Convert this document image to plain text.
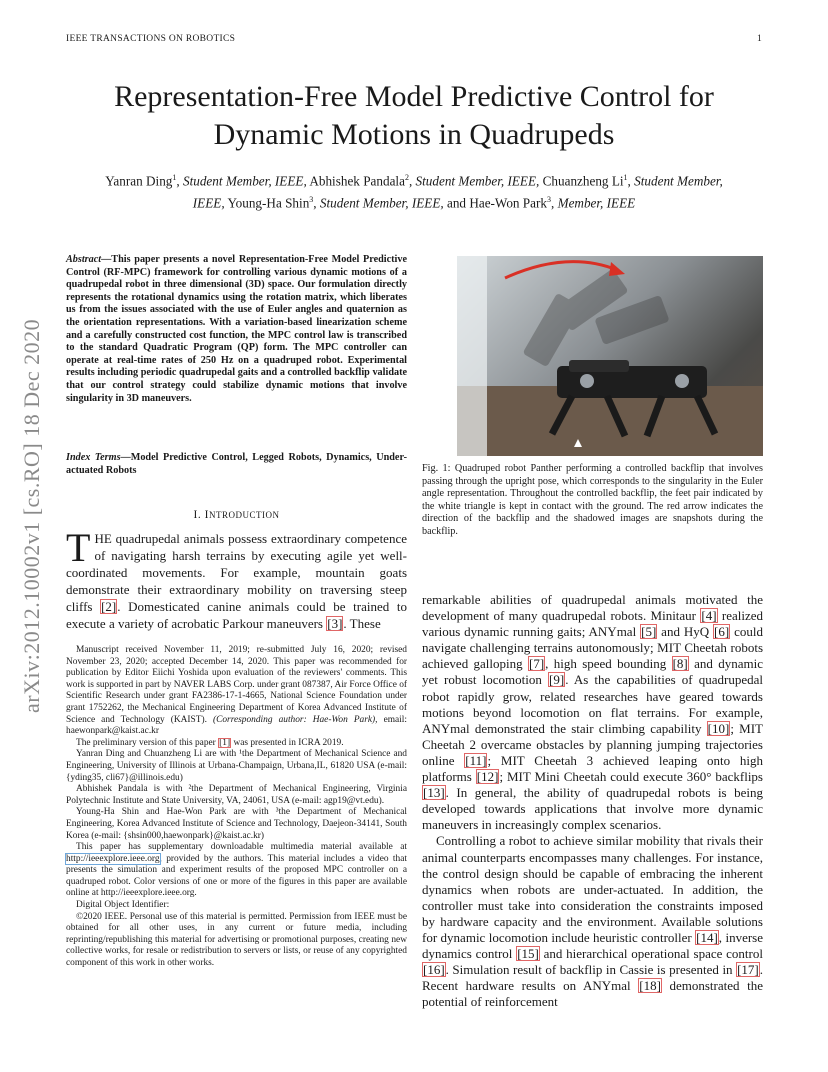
IEEE TRANSACTIONS ON ROBOTICS	1
Representation-Free Model Predictive Control for
Dynamic Motions in Quadrupeds
Yanran Ding$^1$, Student Member, IEEE, Abhishek Pandala$^2$, Student Member, IEEE, Chuanzheng Li$^1$, Student Member, IEEE, Young-Ha Shin$^3$, Student Member, IEEE, and Hae-Won Park$^3$, Member, IEEE
arXiv:2012.10002v1 [cs.RO] 18 Dec 2020
Abstract—This paper presents a novel Representation-Free Model Predictive Control (RF-MPC) framework for controlling various dynamic motions of a quadrupedal robot in three dimensional (3D) space. Our formulation directly represents the rotational dynamics using the rotation matrix, which liberates us from the issues associated with the use of Euler angles and quaternion as the orientation representations. With a variation-based linearization scheme and a carefully constructed cost function, the MPC control law is transcribed to the standard Quadratic Program (QP) form. The MPC controller can operate at real-time rates of 250 Hz on a quadruped robot. Experimental results including periodic quadrupedal gaits and a controlled backflip validate that our control strategy could stabilize dynamic motions that involve singularity in 3D maneuvers.
Index Terms—Model Predictive Control, Legged Robots, Dynamics, Under-actuated Robots
I. INTRODUCTION
THE quadrupedal animals possess extraordinary competence of navigating harsh terrains by executing agile yet well-coordinated movements. For example, mountain goats demonstrate their extraordinary mobility on traversing steep cliffs [2]. Domesticated canine animals could be trained to execute a variety of acrobatic Parkour maneuvers [3]. These

Manuscript received November 11, 2019; re-submitted July 16, 2020; revised November 23, 2020; accepted December 14, 2020. This paper was recommended for publication by Editor Eiichi Yoshida upon evaluation of the reviewers' comments. This work is supported in part by NAVER LABS Corp. under grant 087387, Air Force Office of Scientific Research under grant FA2386-17-1-4665, National Science Foundation under grant 1752262, the Mechanical Engineering Department of Korea Advanced Institute of Science and Technology (KAIST). (Corresponding author: Hae-Won Park), email: haewonpark@kaist.ac.kr

The preliminary version of this paper [1] was presented in ICRA 2019.

Yanran Ding and Chuanzheng Li are with ¹the Department of Mechanical Science and Engineering, University of Illinois at Urbana-Champaign, Urbana,IL, 61820 USA (e-mail: {yding35, cli67}@illinois.edu)

Abhishek Pandala is with ²the Department of Mechanical Engineering, Virginia Polytechnic Institute and State University, VA, 24061, USA (e-mail: agp19@vt.edu).

Young-Ha Shin and Hae-Won Park are with ³the Department of Mechanical Engineering, Korea Advanced Institute of Science and Technology, Daejeon-34141, South Korea (e-mail: {shsin000,haewonpark}@kaist.ac.kr)

This paper has supplementary downloadable multimedia material available at http://ieeexplore.ieee.org, provided by the authors. This material includes a video that presents the simulation and experiment results of the proposed MPC controller on a quadruped robot. Color versions of one or more of the figures in this paper are available online at http://ieeexplore.ieee.org.

Digital Object Identifier:

©2020 IEEE. Personal use of this material is permitted. Permission from IEEE must be obtained for all other uses, in any current or future media, including reprinting/republishing this material for advertising or promotional purposes, creating new collective works, for resale or redistribution to servers or lists, or reuse of any copyrighted component of this work in other works.

Fig. 1: Quadruped robot Panther performing a controlled backflip that involves passing through the upright pose, which corresponds to the singularity in the Euler angle representation. Throughout the controlled backflip, the feet pair indicated by the white triangle is kept in contact with the ground. The red arrow indicates the direction of the backflip and the shadowed images are snapshots during the backflip.

remarkable abilities of quadrupedal animals motivated the development of many quadrupedal robots. Minitaur [4] realized various dynamic running gaits; ANYmal [5] and HyQ [6] could navigate challenging terrains autonomously; MIT Cheetah robots achieved galloping [7], high speed bounding [8] and dynamic yet robust locomotion [9]. As the capabilities of quadrupedal robot rapidly grow, related researches have geared towards motions beyond locomotion on flat terrains. For example, ANYmal demonstrated the stair climbing capability [10]; MIT Cheetah 2 overcame obstacles by planning jumping trajectories online [11]; MIT Cheetah 3 achieved leaping onto high platforms [12]; MIT Mini Cheetah could execute 360° backflips [13]. In general, the ability of quadrupedal robots is being developed towards applications that involve more dynamic maneuvers in increasingly complex scenarios.

Controlling a robot to achieve similar mobility that rivals their animal counterparts encompasses many challenges. For instance, the control design should be capable of embracing the inherent dynamics when robots are under-actuated. In addition, the controller must take into consideration the constraints imposed by hardware capacity and the environment. Available solutions for dynamic locomotion include heuristic controller [14], inverse dynamics control [15] and hierarchical operational space control [16]. Simulation result of backflip in Cassie is presented in [17]. Recent hardware results on ANYmal [18] demonstrated the potential of reinforcement
